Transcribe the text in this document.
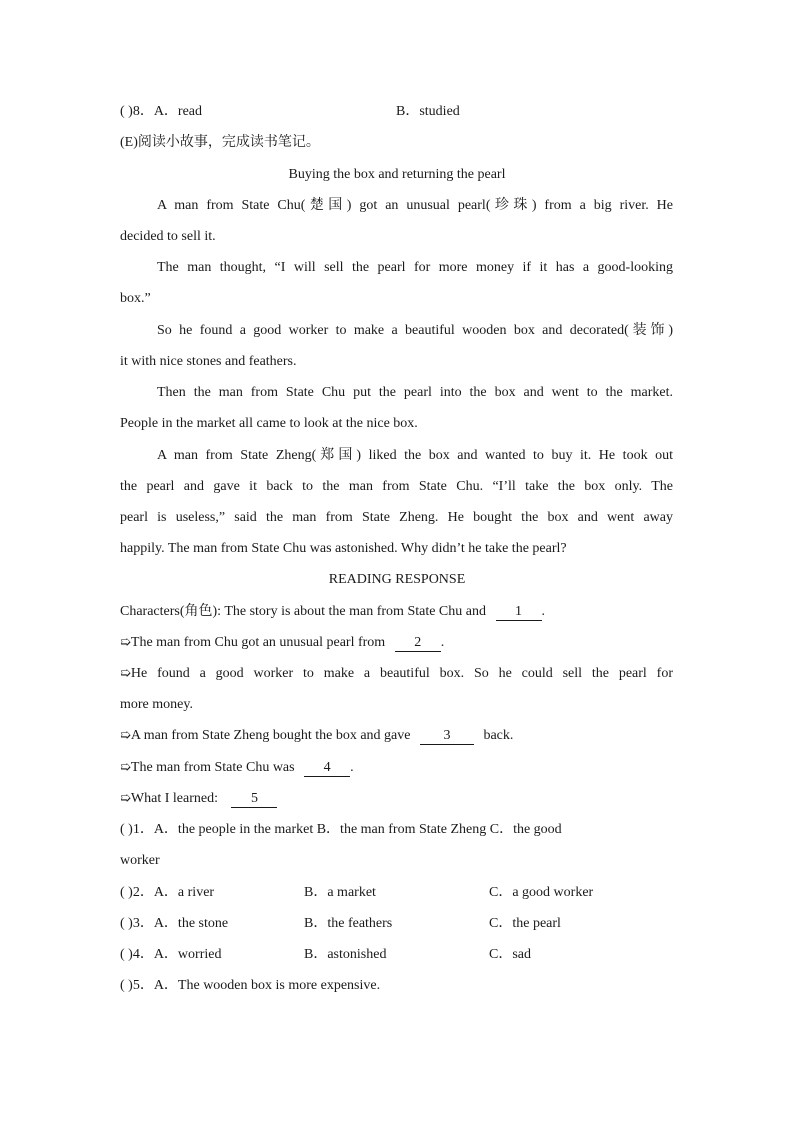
( )8．A．read	B．studied
(E)阅读小故事，完成读书笔记。
Buying the box and returning the pearl
A man from State Chu(楚国) got an unusual pearl(珍珠) from a big river. He
decided to sell it.
The man thought, “I will sell the pearl for more money if it has a good-looking
box.”
So he found a good worker to make a beautiful wooden box and decorated(装饰)
it with nice stones and feathers.
Then the man from State Chu put the pearl into the box and went to the market.
People in the market all came to look at the nice box.
A man from State Zheng(郑国) liked the box and wanted to buy it. He took out
the pearl and gave it back to the man from State Chu. “I’ll take the box only. The
pearl is useless,” said the man from State Zheng. He bought the box and went away
happily. The man from State Chu was astonished. Why didn’t he take the pearl?
READING RESPONSE
Characters(角色): The story is about the man from State Chu and 1 .
➯The man from Chu got an unusual pearl from 2 .
➯He found a good worker to make a beautiful box. So he could sell the pearl for
more money.
➯A man from State Zheng bought the box and gave 3 back.
➯The man from State Chu was 4 .
➯What I learned: 5
( )1．A．the people in the market B．the man from State Zheng C．the good
worker
( )2．A．a river	B．a market	C．a good worker
( )3．A．the stone	B．the feathers	C．the pearl
( )4．A．worried	B．astonished	C．sad
( )5．A．The wooden box is more expensive.
